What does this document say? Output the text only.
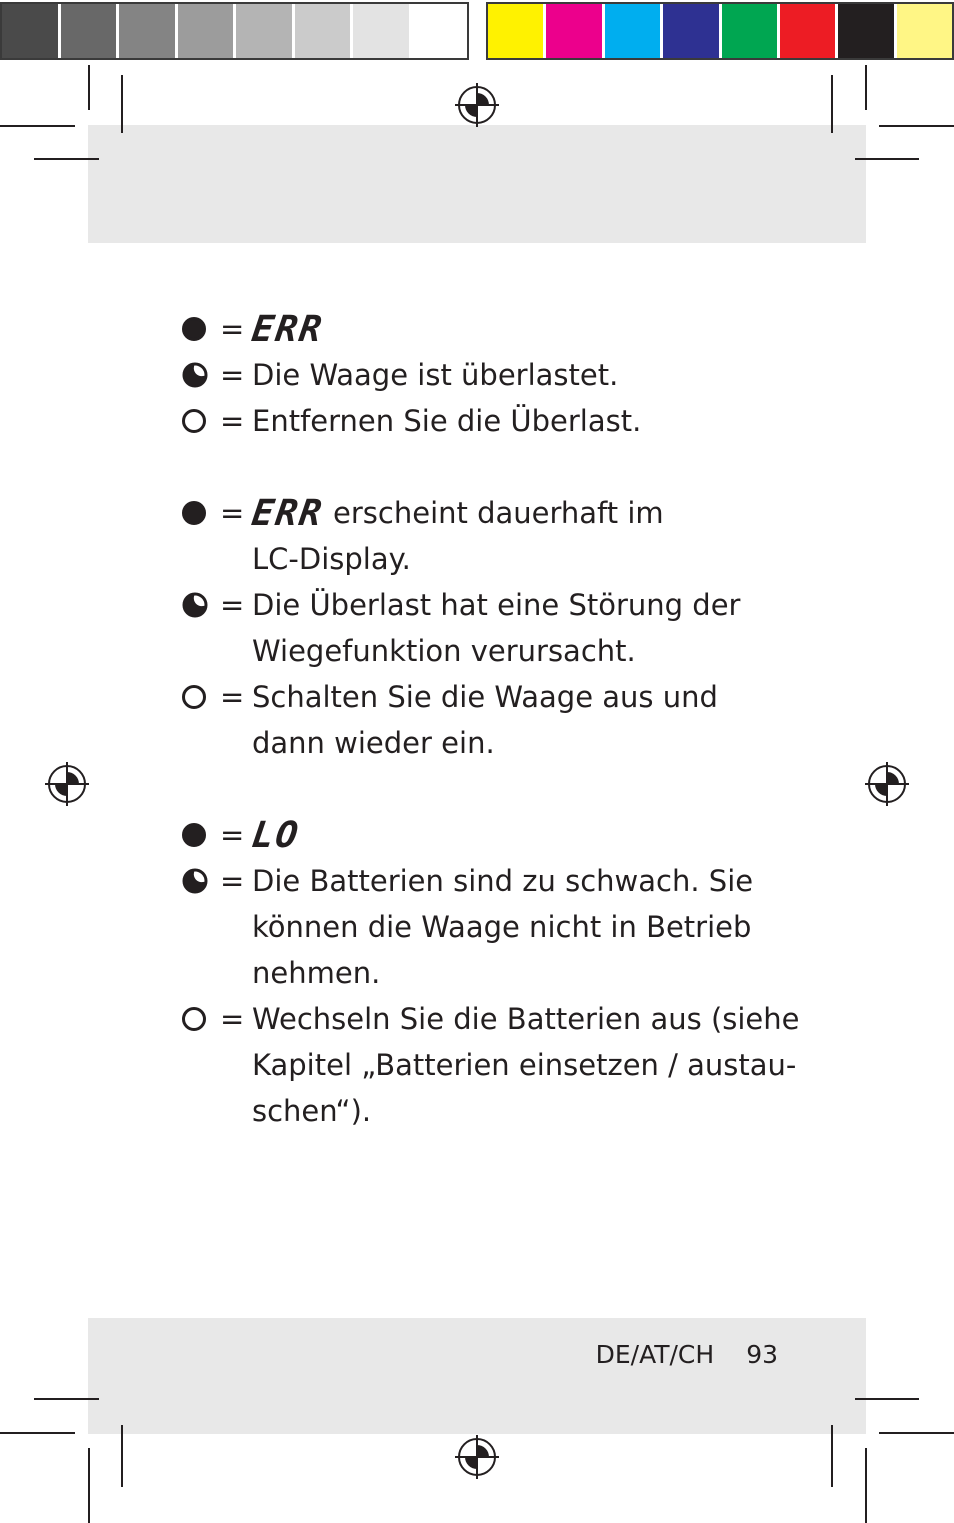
= ERR
= Die Waage ist überlastet.
= Entfernen Sie die Überlast.
= ERR erscheint dauerhaft im
LC-Display.
= Die Überlast hat eine Störung der
Wiegefunktion verursacht.
= Schalten Sie die Waage aus und
dann wieder ein.
= LO
= Die Batterien sind zu schwach. Sie
können die Waage nicht in Betrieb
nehmen.
= Wechseln Sie die Batterien aus (siehe
Kapitel „Batterien einsetzen / austau-
schen“).
DE/AT/CH 93
